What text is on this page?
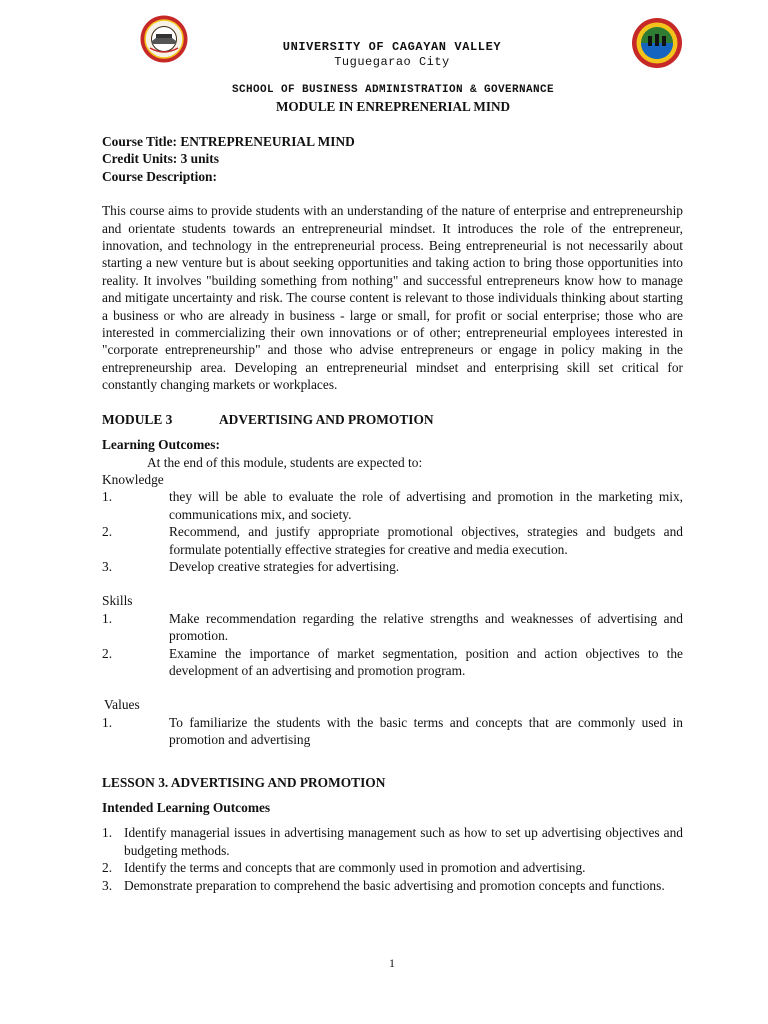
UNIVERSITY OF CAGAYAN VALLEY
Tuguegarao City
SCHOOL OF BUSINESS ADMINISTRATION & GOVERNANCE
MODULE IN ENREPRENERIAL MIND
Course Title: ENTREPRENEURIAL MIND
Credit Units: 3 units
Course Description:

This course aims to provide students with an understanding of the nature of enterprise and entrepreneurship and orientate students towards an entrepreneurial mindset. It introduces the role of the entrepreneur, innovation, and technology in the entrepreneurial process. Being entrepreneurial is not necessarily about starting a new venture but is about seeking opportunities and taking action to bring those opportunities into reality. It involves "building something from nothing" and successful entrepreneurs know how to manage and mitigate uncertainty and risk. The course content is relevant to those individuals thinking about starting a business or who are already in business - large or small, for profit or social enterprise; those who are interested in commercializing their own innovations or of other; entrepreneurial employees interested in "corporate entrepreneurship" and those who advise entrepreneurs or engage in policy making in the entrepreneurship area. Developing an entrepreneurial mindset and enterprising skill set critical for constantly changing markets or workplaces.

MODULE 3	ADVERTISING AND PROMOTION
Learning Outcomes:
At the end of this module, students are expected to:
Knowledge
1.	they will be able to evaluate the role of advertising and promotion in the marketing mix, communications mix, and society.
2.	Recommend, and justify appropriate promotional objectives, strategies and budgets and formulate potentially effective strategies for creative and media execution.
3.	Develop creative strategies for advertising.
Skills
1.	Make recommendation regarding the relative strengths and weaknesses of advertising and promotion.
2.	Examine the importance of market segmentation, position and action objectives to the development of an advertising and promotion program.
Values
1.	To familiarize the students with the basic terms and concepts that are commonly used in promotion and advertising
LESSON 3. ADVERTISING AND PROMOTION
Intended Learning Outcomes
1. Identify managerial issues in advertising management such as how to set up advertising objectives and budgeting methods.
2. Identify the terms and concepts that are commonly used in promotion and advertising.
3. Demonstrate preparation to comprehend the basic advertising and promotion concepts and functions.
1
